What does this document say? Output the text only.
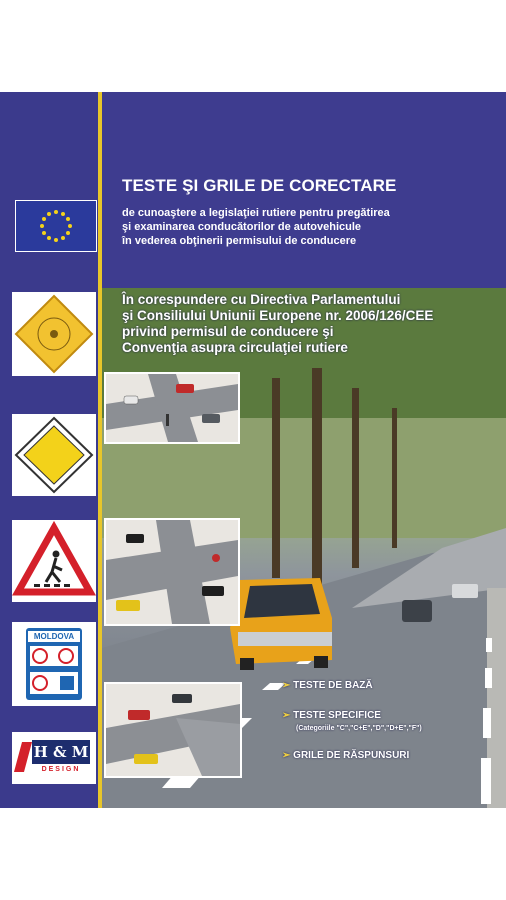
MOLDOVA
H & M
DESIGN
TESTE ŞI GRILE DE CORECTARE
de cunoaştere a legislaţiei rutiere pentru pregătirea
şi examinarea conducătorilor de autovehicule
în vederea obţinerii permisului de conducere
În corespundere cu Directiva Parlamentului
şi Consiliului Uniunii Europene nr. 2006/126/CEE
privind permisul de conducere şi
Convenţia asupra circulaţiei rutiere
➢ TESTE DE BAZĂ
➢ TESTE SPECIFICE
(Categoriile "C","C+E","D","D+E","F")
➢ GRILE DE RĂSPUNSURI
